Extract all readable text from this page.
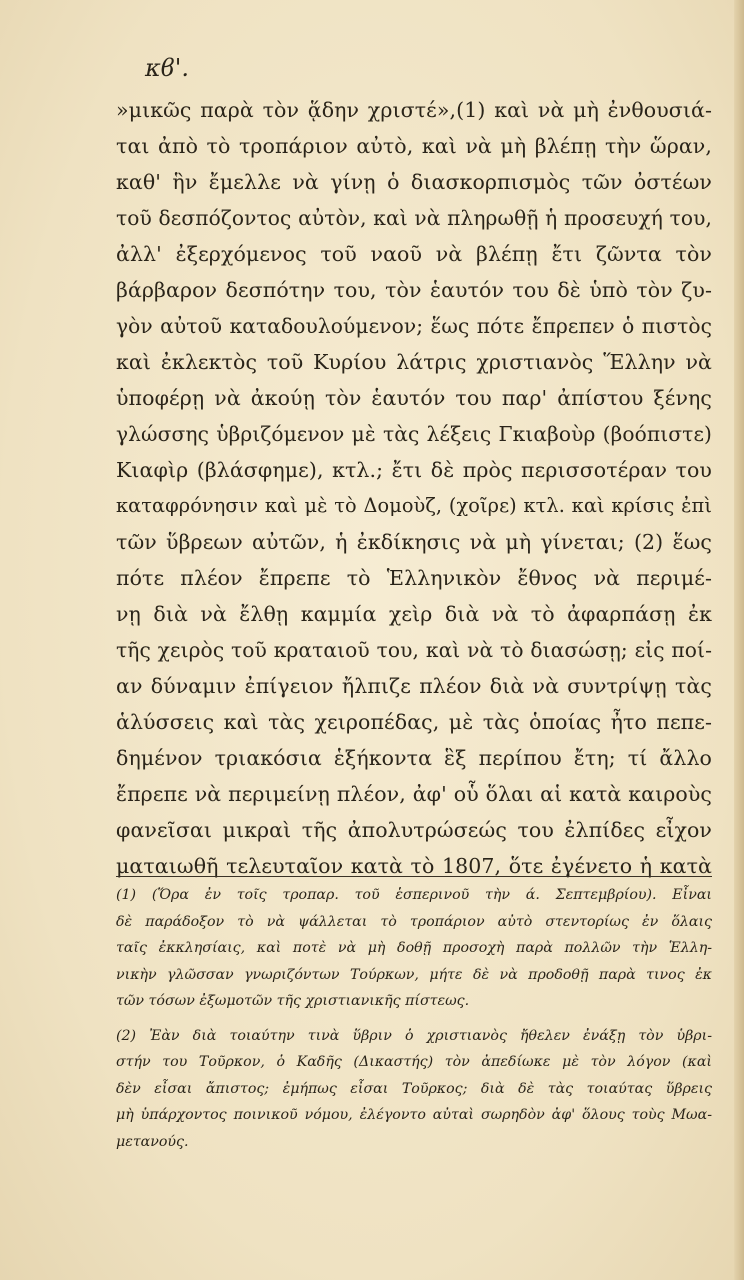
κϐ'.
»μικῶς παρὰ τὸν ᾅδην χριστέ»,(1) καὶ νὰ μὴ ἐνθουσιά-
ται ἀπὸ τὸ τροπάριον αὐτὸ, καὶ νὰ μὴ βλέπῃ τὴν ὥραν,
καθ' ἣν ἔμελλε νὰ γίνῃ ὁ διασκορπισμὸς τῶν ὀστέων
τοῦ δεσπόζοντος αὐτὸν, καὶ νὰ πληρωθῇ ἡ προσευχή του,
ἀλλ' ἐξερχόμενος τοῦ ναοῦ νὰ βλέπῃ ἔτι ζῶντα τὸν
βάρβαρον δεσπότην του, τὸν ἑαυτόν του δὲ ὑπὸ τὸν ζυ-
γὸν αὐτοῦ καταδουλούμενον; ἕως πότε ἔπρεπεν ὁ πιστὸς
καὶ ἐκλεκτὸς τοῦ Κυρίου λάτρις χριστιανὸς Ἕλλην νὰ
ὑποφέρῃ νὰ ἀκούῃ τὸν ἑαυτόν του παρ' ἀπίστου ξένης
γλώσσης ὑβριζόμενον μὲ τὰς λέξεις Γκιαβοὺρ (βοόπιστε)
Κιαφὶρ (βλάσφημε), κτλ.; ἔτι δὲ πρὸς περισσοτέραν του
καταφρόνησιν καὶ μὲ τὸ Δομοὺζ, (χοῖρε) κτλ. καὶ κρίσις ἐπὶ
τῶν ὕβρεων αὐτῶν, ἡ ἐκδίκησις νὰ μὴ γίνεται; (2) ἕως
πότε πλέον ἔπρεπε τὸ Ἑλληνικὸν ἔθνος νὰ περιμέ-
νῃ διὰ νὰ ἔλθῃ καμμία χεὶρ διὰ νὰ τὸ ἀφαρπάσῃ ἐκ
τῆς χειρὸς τοῦ κραταιοῦ του, καὶ νὰ τὸ διασώσῃ; εἰς ποί-
αν δύναμιν ἐπίγειον ἤλπιζε πλέον διὰ νὰ συντρίψῃ τὰς
ἁλύσσεις καὶ τὰς χειροπέδας, μὲ τὰς ὁποίας ἦτο πεπε-
δημένον τριακόσια ἑξήκοντα ἓξ περίπου ἔτη; τί ἄλλο
ἔπρεπε νὰ περιμείνῃ πλέον, ἀφ' οὗ ὅλαι αἱ κατὰ καιροὺς
φανεῖσαι μικραὶ τῆς ἀπολυτρώσεώς του ἐλπίδες εἶχον
ματαιωθῆ τελευταῖον κατὰ τὸ 1807, ὅτε ἐγένετο ἡ κατὰ
(1) (Ὅρα ἐν τοῖς τροπαρ. τοῦ ἑσπερινοῦ τὴν ά. Σεπτεμβρίου). Εἶναι
δὲ παράδοξον τὸ νὰ ψάλλεται τὸ τροπάριον αὐτὸ στεντορίως ἐν ὅλαις
ταῖς ἐκκλησίαις, καὶ ποτὲ νὰ μὴ δοθῇ προσοχὴ παρὰ πολλῶν τὴν Ἑλλη-
νικὴν γλῶσσαν γνωριζόντων Τούρκων, μήτε δὲ νὰ προδοθῇ παρὰ τινος ἐκ
τῶν τόσων ἐξωμοτῶν τῆς χριστιανικῆς πίστεως.
(2) Ἐὰν διὰ τοιαύτην τινὰ ὕβριν ὁ χριστιανὸς ἤθελεν ἐνάξῃ τὸν ὑβρι-
στήν του Τοῦρκον, ὁ Καδῆς (Δικαστής) τὸν ἀπεδίωκε μὲ τὸν λόγον (καὶ
δὲν εἶσαι ἄπιστος; ἐμήπως εἶσαι Τοῦρκος; διὰ δὲ τὰς τοιαύτας ὕβρεις
μὴ ὑπάρχοντος ποινικοῦ νόμου, ἐλέγοντο αὐταὶ σωρηδὸν ἀφ' ὅλους τοὺς Μωα-
μετανούς.
